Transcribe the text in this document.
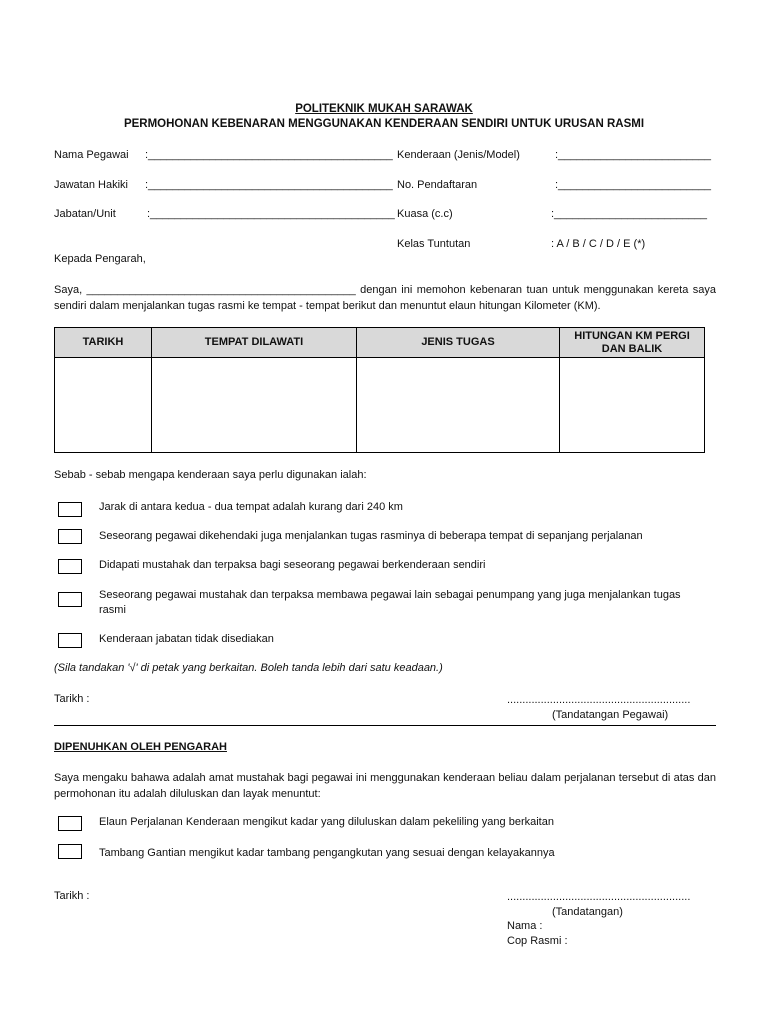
POLITEKNIK MUKAH SARAWAK
PERMOHONAN KEBENARAN MENGGUNAKAN KENDERAAN SENDIRI UNTUK URUSAN RASMI
Nama Pegawai :________________________________________
Jawatan Hakiki :________________________________________
Jabatan/Unit	:________________________________________
Kenderaan (Jenis/Model)	:_________________________
No. Pendaftaran	:_________________________
Kuasa (c.c)	:_________________________
Kelas Tuntutan	: A / B / C / D / E (*)
Kepada Pengarah,
Saya, ____________________________________________ dengan ini memohon kebenaran tuan untuk menggunakan kereta saya sendiri dalam menjalankan tugas rasmi ke tempat - tempat berikut dan menuntut elaun hitungan Kilometer (KM).
TARIKH	TEMPAT DILAWATI	JENIS TUGAS	HITUNGAN KM PERGI DAN BALIK

Sebab - sebab mengapa kenderaan saya perlu digunakan ialah:
Jarak di antara kedua - dua tempat adalah kurang dari 240 km
Seseorang pegawai dikehendaki juga menjalankan tugas rasminya di beberapa tempat di sepanjang perjalanan
Didapati mustahak dan terpaksa bagi seseorang pegawai berkenderaan sendiri
Seseorang pegawai mustahak dan terpaksa membawa pegawai lain sebagai penumpang yang juga menjalankan tugas rasmi
Kenderaan jabatan tidak disediakan
(Sila tandakan '√' di petak yang berkaitan. Boleh tanda lebih dari satu keadaan.)
Tarikh :	............................................................
(Tandatangan Pegawai)
DIPENUHKAN OLEH PENGARAH
Saya mengaku bahawa adalah amat mustahak bagi pegawai ini menggunakan kenderaan beliau dalam perjalanan tersebut di atas dan permohonan itu adalah diluluskan dan layak menuntut:
Elaun Perjalanan Kenderaan mengikut kadar yang diluluskan dalam pekeliling yang berkaitan
Tambang Gantian mengikut kadar tambang pengangkutan yang sesuai dengan kelayakannya
Tarikh :	............................................................
(Tandatangan)
Nama :
Cop Rasmi :
